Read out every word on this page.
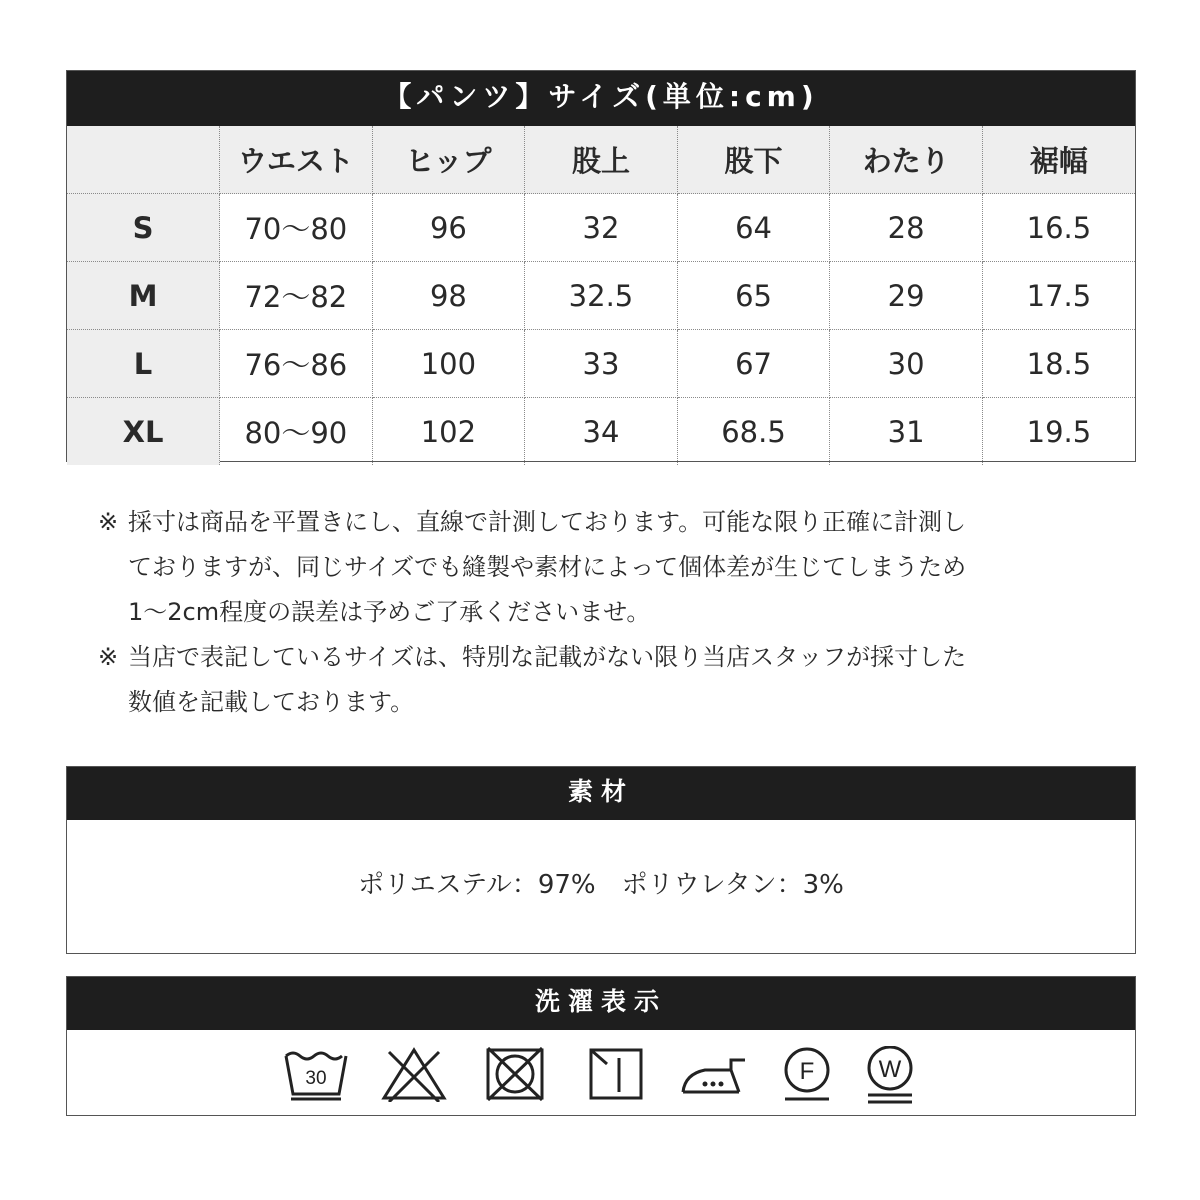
【パンツ】サイズ(単位:cm)
	ウエスト	ヒップ	股上	股下	わたり	裾幅
S	70〜80	96	32	64	28	16.5
M	72〜82	98	32.5	65	29	17.5
L	76〜86	100	33	67	30	18.5
XL	80〜90	102	34	68.5	31	19.5
※ 採寸は商品を平置きにし、直線で計測しております。可能な限り正確に計測し
ておりますが、同じサイズでも縫製や素材によって個体差が生じてしまうため
1〜2cm程度の誤差は予めご了承くださいませ。
※ 当店で表記しているサイズは、特別な記載がない限り当店スタッフが採寸した
数値を記載しております。
素材
ポリエステル：97%　ポリウレタン：3%
洗濯表示
30	F	W
